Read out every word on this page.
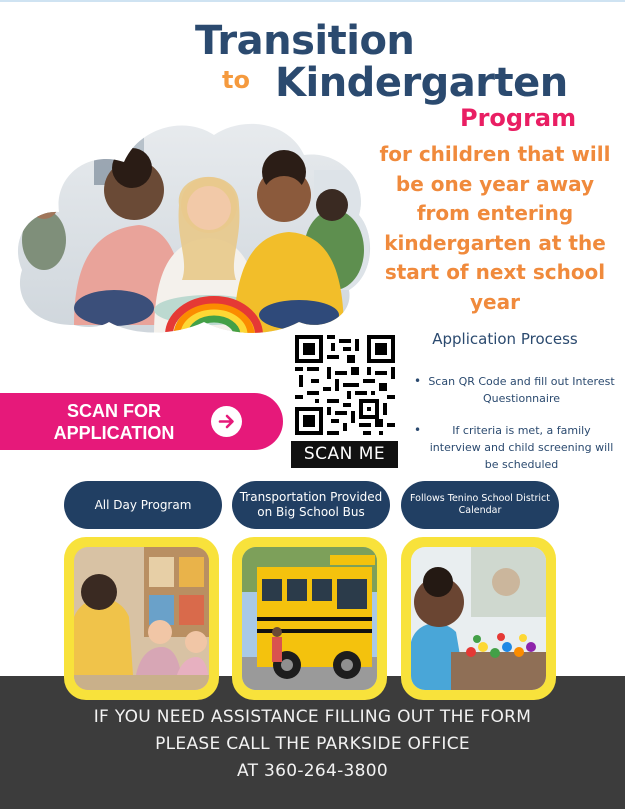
Transition
to Kindergarten
Program
for children that will be one year away from entering kindergarten at the start of next school year
SCAN ME
SCAN FOR
APPLICATION
Application Process
• Scan QR Code and fill out Interest Questionnaire
• If criteria is met, a family interview and child screening will be scheduled
All Day Program
Transportation Provided on Big School Bus
Follows Tenino School District Calendar
IF YOU NEED ASSISTANCE FILLING OUT THE FORM
PLEASE CALL THE PARKSIDE OFFICE
AT 360-264-3800
